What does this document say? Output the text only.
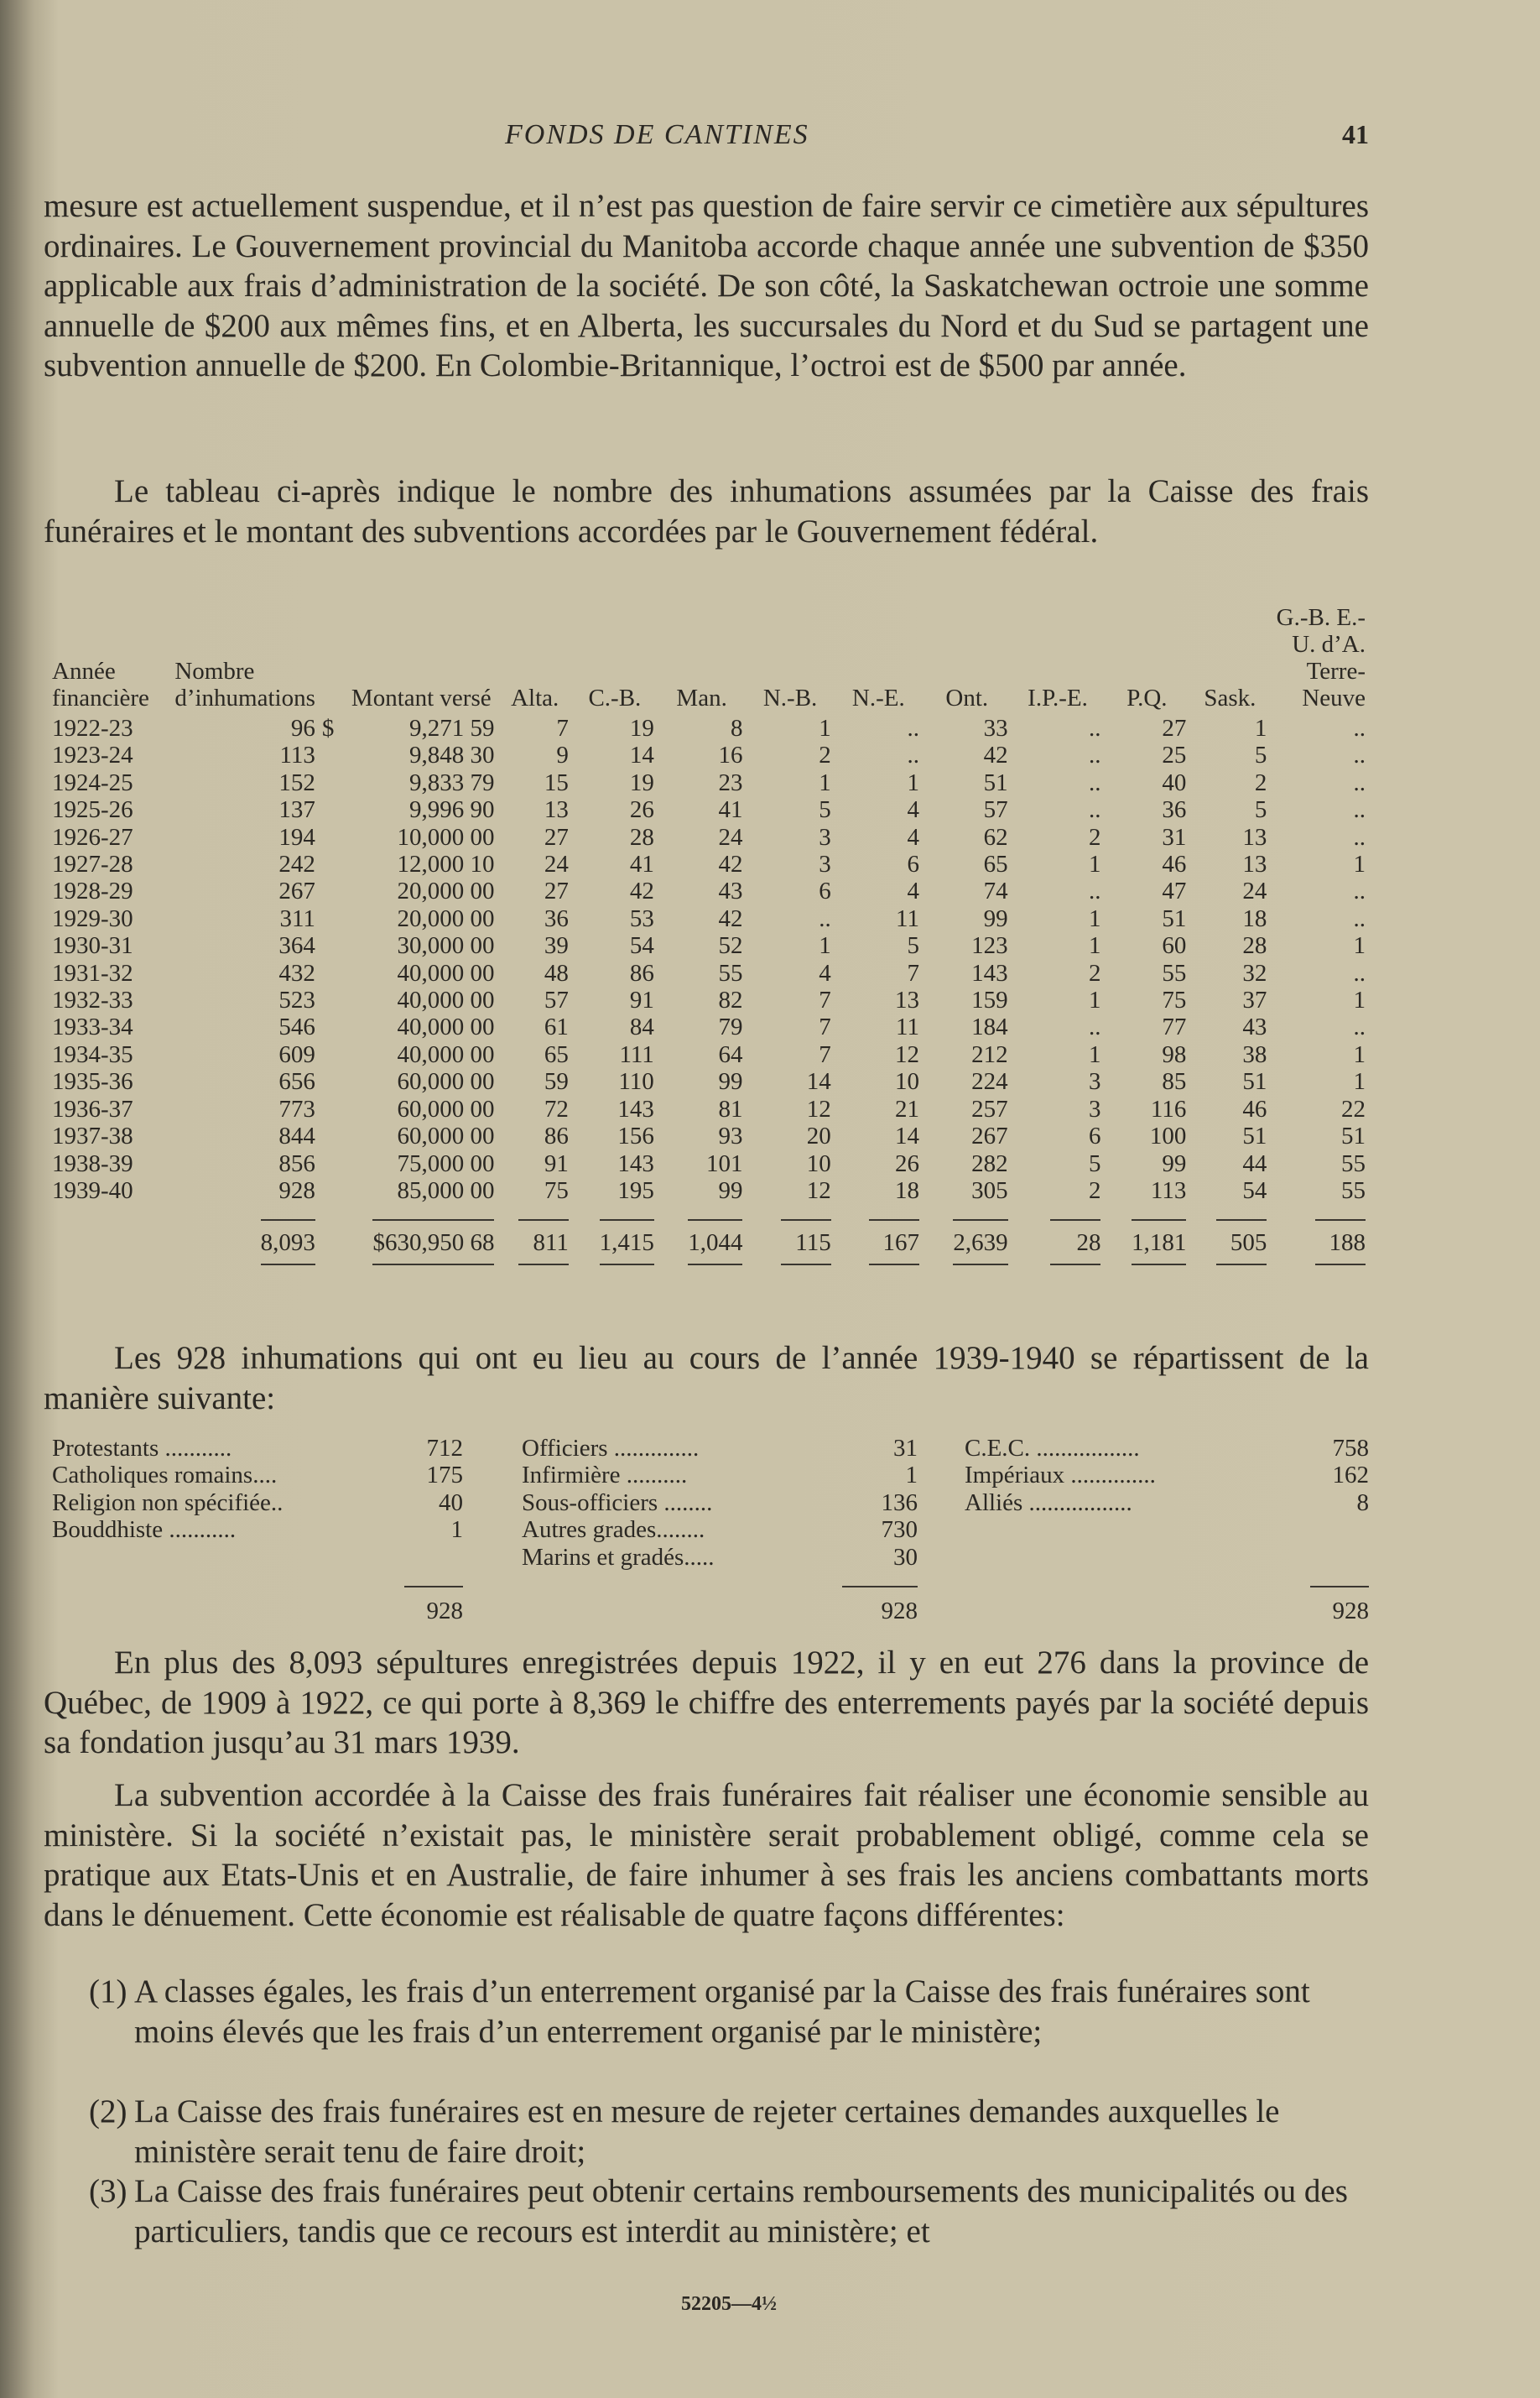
FONDS DE CANTINES	41

mesure est actuellement suspendue, et il n’est pas question de faire servir ce cimetière aux sépultures ordinaires. Le Gouvernement provincial du Manitoba accorde chaque année une subvention de $350 applicable aux frais d’administration de la société. De son côté, la Saskatchewan octroie une somme annuelle de $200 aux mêmes fins, et en Alberta, les succursales du Nord et du Sud se partagent une subvention annuelle de $200. En Colombie-Britannique, l’octroi est de $500 par année.

Le tableau ci-après indique le nombre des inhumations assumées par la Caisse des frais funéraires et le montant des subventions accordées par le Gouvernement fédéral.

Année financière	Nombre d’inhumations		Montant versé	Alta.	C.-B.	Man.	N.-B.	N.-E.	Ont.	I.P.-E.	P.Q.	Sask.	G.-B. E.-U. d’A. Terre-Neuve
1922-23	96	$	9,271 59	7	19	8	1	..	33	..	27	1	..
1923-24	113		9,848 30	9	14	16	2	..	42	..	25	5	..
1924-25	152		9,833 79	15	19	23	1	1	51	..	40	2	..
1925-26	137		9,996 90	13	26	41	5	4	57	..	36	5	..
1926-27	194		10,000 00	27	28	24	3	4	62	2	31	13	..
1927-28	242		12,000 10	24	41	42	3	6	65	1	46	13	1
1928-29	267		20,000 00	27	42	43	6	4	74	..	47	24	..
1929-30	311		20,000 00	36	53	42	..	11	99	1	51	18	..
1930-31	364		30,000 00	39	54	52	1	5	123	1	60	28	1
1931-32	432		40,000 00	48	86	55	4	7	143	2	55	32	..
1932-33	523		40,000 00	57	91	82	7	13	159	1	75	37	1
1933-34	546		40,000 00	61	84	79	7	11	184	..	77	43	..
1934-35	609		40,000 00	65	111	64	7	12	212	1	98	38	1
1935-36	656		60,000 00	59	110	99	14	10	224	3	85	51	1
1936-37	773		60,000 00	72	143	81	12	21	257	3	116	46	22
1937-38	844		60,000 00	86	156	93	20	14	267	6	100	51	51
1938-39	856		75,000 00	91	143	101	10	26	282	5	99	44	55
1939-40	928		85,000 00	75	195	99	12	18	305	2	113	54	55
	8,093	$630,950 68		811	1,415	1,044	115	167	2,639	28	1,181	505	188

Les 928 inhumations qui ont eu lieu au cours de l’année 1939-1940 se répartissent de la manière suivante:

Protestants ...........	712
Catholiques romains....	175
Religion non spécifiée..	40
Bouddhiste ...........	1
Officiers ..............	31
Infirmière ..........	1
Sous-officiers ........	136
Autres grades........	730
Marins et gradés.....	30
C.E.C. .................	758
Impériaux ..............	162
Alliés .................	8
928	928	928

En plus des 8,093 sépultures enregistrées depuis 1922, il y en eut 276 dans la province de Québec, de 1909 à 1922, ce qui porte à 8,369 le chiffre des enterrements payés par la société depuis sa fondation jusqu’au 31 mars 1939.

La subvention accordée à la Caisse des frais funéraires fait réaliser une économie sensible au ministère. Si la société n’existait pas, le ministère serait probablement obligé, comme cela se pratique aux Etats-Unis et en Australie, de faire inhumer à ses frais les anciens combattants morts dans le dénuement. Cette économie est réalisable de quatre façons différentes:

(1) A classes égales, les frais d’un enterrement organisé par la Caisse des frais funéraires sont moins élevés que les frais d’un enterrement organisé par le ministère;
(2) La Caisse des frais funéraires est en mesure de rejeter certaines demandes auxquelles le ministère serait tenu de faire droit;
(3) La Caisse des frais funéraires peut obtenir certains remboursements des municipalités ou des particuliers, tandis que ce recours est interdit au ministère; et
52205—4½
